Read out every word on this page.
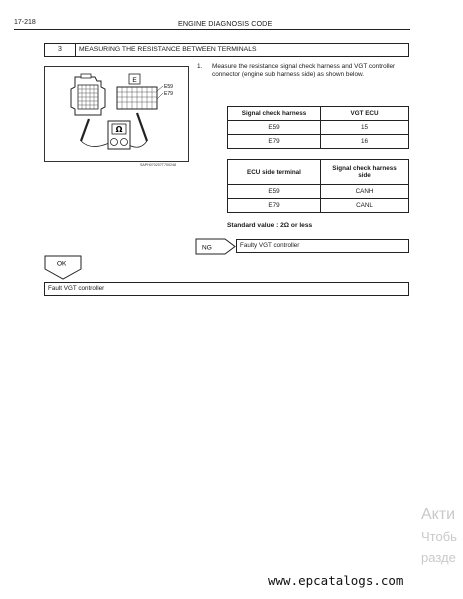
17-218	ENGINE DIAGNOSIS CODE
3	MEASURING THE RESISTANCE BETWEEN TERMINALS
E
E59
E79
Ω
SAPH070207T700248
1. Measure the resistance signal check harness and VGT controller connector (engine sub harness side) as shown below.
Signal check harness	VGT ECU
E59	15
E79	16
ECU side terminal	Signal check harness side
E59	CANH
E79	CANL
Standard value : 2Ω or less
NG	Faulty VGT controller
OK
Fault VGT controller
Акти
Чтобь
разде
www.epcatalogs.com
